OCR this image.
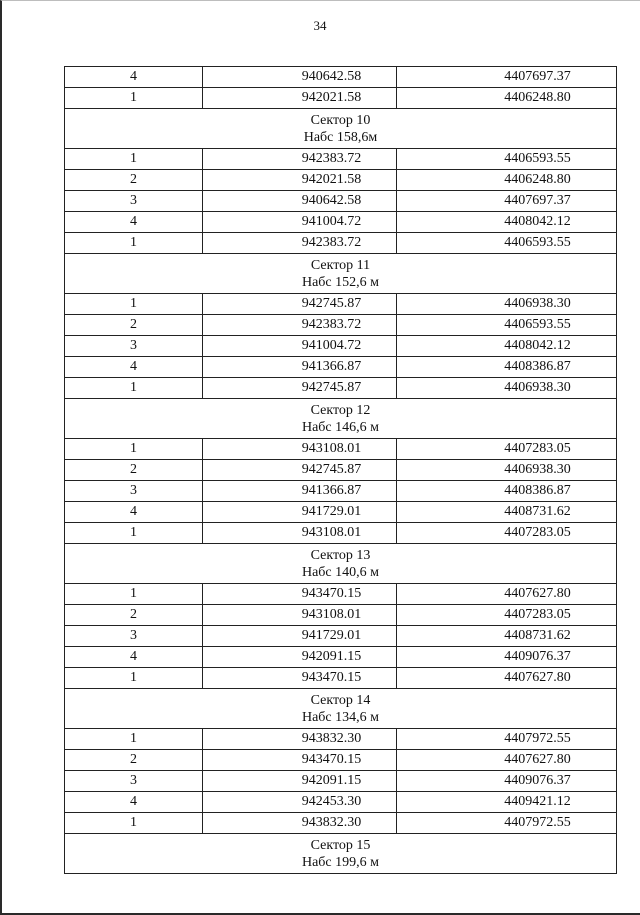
34
4	940642.58	4407697.37
1	942021.58	4406248.80

Сектор 10
Набс 158,6м		

1	942383.72	4406593.55
2	942021.58	4406248.80
3	940642.58	4407697.37
4	941004.72	4408042.12
1	942383.72	4406593.55

Сектор 11
Набс 152,6 м		

1	942745.87	4406938.30
2	942383.72	4406593.55
3	941004.72	4408042.12
4	941366.87	4408386.87
1	942745.87	4406938.30

Сектор 12
Набс 146,6 м		

1	943108.01	4407283.05
2	942745.87	4406938.30
3	941366.87	4408386.87
4	941729.01	4408731.62
1	943108.01	4407283.05

Сектор 13
Набс 140,6 м		

1	943470.15	4407627.80
2	943108.01	4407283.05
3	941729.01	4408731.62
4	942091.15	4409076.37
1	943470.15	4407627.80

Сектор 14
Набс 134,6 м		

1	943832.30	4407972.55
2	943470.15	4407627.80
3	942091.15	4409076.37
4	942453.30	4409421.12
1	943832.30	4407972.55

Сектор 15
Набс 199,6 м		
